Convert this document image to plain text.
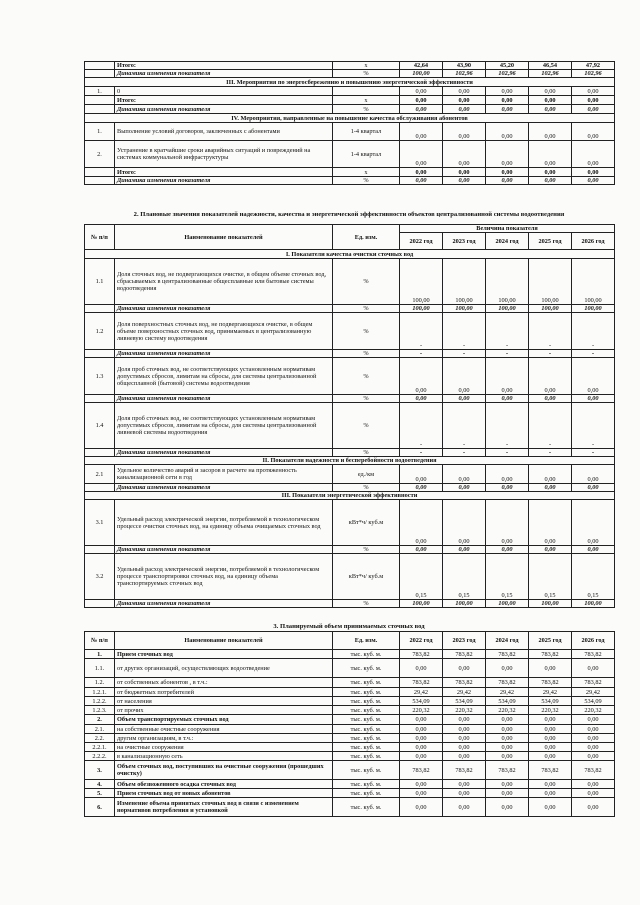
	Итого:	х	42,64	43,90	45,20	46,54	47,92
	Динамика изменения показателя	%	100,00	102,96	102,96	102,96	102,96
III. Мероприятия по энергосбережению и повышению энергетической эффективности							
1.	0		0,00	0,00	0,00	0,00	0,00
	Итого:	х	0,00	0,00	0,00	0,00	0,00
	Динамика изменения показателя	%	0,00	0,00	0,00	0,00	0,00
IV. Мероприятия, направленные на повышение качества обслуживания абонентов							
1.	Выполнение условий договоров, заключенных с абонентами	1-4 квартал	0,00	0,00	0,00	0,00	0,00
2.	Устранение в кратчайшие сроки аварийных ситуаций и повреждений на системах коммунальной инфраструктуры	1-4 квартал	0,00	0,00	0,00	0,00	0,00
	Итого:	х	0,00	0,00	0,00	0,00	0,00
	Динамика изменения показателя	%	0,00	0,00	0,00	0,00	0,00
2. Плановые значения показателей надежности, качества и энергетической эффективности объектов централизованной системы водоотведения
№ п/п	Наименование показателей	Ед. изм.	Величина показателя				
			2022 год	2023 год	2024 год	2025 год	2026 год
I. Показатели качества очистки сточных вод							
1.1	Доля сточных вод, не подвергающихся очистке, в общем объеме сточных вод, сбрасываемых в централизованные общесплавные или бытовые системы водоотведения	%	100,00	100,00	100,00	100,00	100,00
	Динамика изменения показателя	%	100,00	100,00	100,00	100,00	100,00
1.2	Доля поверхностных сточных вод, не подвергающихся очистке, в общем объеме поверхностных сточных вод, принимаемых в централизованную ливневую систему водоотведения	%	-	-	-	-	-
	Динамика изменения показателя	%	-	-	-	-	-
1.3	Доля проб сточных вод, не соответствующих установленным нормативам допустимых сбросов, лимитам на сбросы, для системы централизованной общесплавной (бытовой) системы водоотведения	%	0,00	0,00	0,00	0,00	0,00
	Динамика изменения показателя	%	0,00	0,00	0,00	0,00	0,00
1.4	Доля проб сточных вод, не соответствующих установленным нормативам допустимых сбросов, лимитам на сбросы, для системы централизованной ливневой системы водоотведения	%	-	-	-	-	-
	Динамика изменения показателя	%	-	-	-	-	-
II. Показатели надежности и бесперебойности водоотведения							
2.1	Удельное количество аварий и засоров в расчете на протяженность канализационной сети в год	ед./км	0,00	0,00	0,00	0,00	0,00
	Динамика изменения показателя	%	0,00	0,00	0,00	0,00	0,00
III. Показатели энергетической эффективности							
3.1	Удельный расход электрической энергии, потребляемой в технологическом процессе очистки сточных вод, на единицу объема очищаемых сточных вод	кВт*ч/ куб.м	0,00	0,00	0,00	0,00	0,00
	Динамика изменения показателя	%	0,00	0,00	0,00	0,00	0,00
3.2	Удельный расход электрической энергии, потребляемой в технологическом процессе транспортировки сточных вод, на единицу объема транспортируемых сточных вод	кВт*ч/ куб.м	0,15	0,15	0,15	0,15	0,15
	Динамика изменения показателя	%	100,00	100,00	100,00	100,00	100,00
№ п/п	Наименование показателей	Ед. изм.	2022 год	2023 год	2024 год	2025 год	2026 год
1.	Прием сточных вод	тыс. куб. м.	783,82	783,82	783,82	783,82	783,82
1.1.	от других организаций, осуществляющих водоотведение	тыс. куб. м.	0,00	0,00	0,00	0,00	0,00
1.2.	от собственных абонентов , в т.ч.:	тыс. куб. м.	783,82	783,82	783,82	783,82	783,82
1.2.1.	от бюджетных потребителей	тыс. куб. м.	29,42	29,42	29,42	29,42	29,42
1.2.2.	от населения	тыс. куб. м.	534,09	534,09	534,09	534,09	534,09
1.2.3.	от прочих	тыс. куб. м.	220,32	220,32	220,32	220,32	220,32
2.	Объем транспортируемых сточных вод	тыс. куб. м.	0,00	0,00	0,00	0,00	0,00
2.1.	на собственные очистные сооружения	тыс. куб. м.	0,00	0,00	0,00	0,00	0,00
2.2.	другим организациям, в т.ч.:	тыс. куб. м.	0,00	0,00	0,00	0,00	0,00
2.2.1.	на очистные сооружения	тыс. куб. м.	0,00	0,00	0,00	0,00	0,00
2.2.2.	в канализационную сеть	тыс. куб. м.	0,00	0,00	0,00	0,00	0,00
3.	Объем сточных вод, поступивших на очистные сооружения (прошедших очистку)	тыс. куб. м.	783,82	783,82	783,82	783,82	783,82
4.	Объем обезвоженного осадка сточных вод	тыс. куб. м.	0,00	0,00	0,00	0,00	0,00
5.	Прием сточных вод от новых абонентов	тыс. куб. м.	0,00	0,00	0,00	0,00	0,00
6.	Изменение объема принятых сточных вод в связи с изменением нормативов потребления и установкой	тыс. куб. м.	0,00	0,00	0,00	0,00	0,00
3. Планируемый объем принимаемых сточных вод
